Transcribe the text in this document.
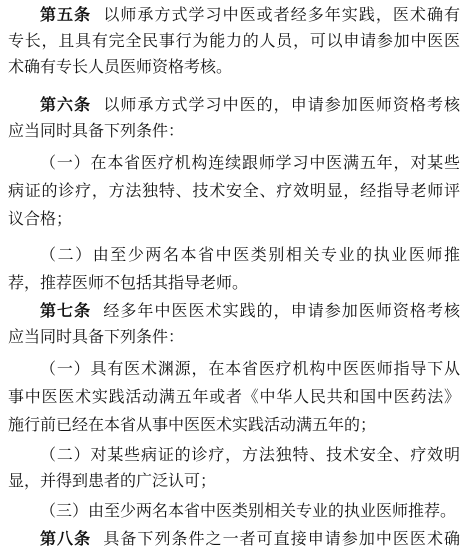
第五条 以师承方式学习中医或者经多年实践，医术确有
专长，且具有完全民事行为能力的人员，可以申请参加中医医
术确有专长人员医师资格考核。
第六条 以师承方式学习中医的，申请参加医师资格考核
应当同时具备下列条件：
（一）在本省医疗机构连续跟师学习中医满五年，对某些
病证的诊疗，方法独特、技术安全、疗效明显，经指导老师评
议合格；
（二）由至少两名本省中医类别相关专业的执业医师推
荐，推荐医师不包括其指导老师。
第七条 经多年中医医术实践的，申请参加医师资格考核
应当同时具备下列条件：
（一）具有医术渊源，在本省医疗机构中医医师指导下从
事中医医术实践活动满五年或者《中华人民共和国中医药法》
施行前已经在本省从事中医医术实践活动满五年的；
（二）对某些病证的诊疗，方法独特、技术安全、疗效明
显，并得到患者的广泛认可；
（三）由至少两名本省中医类别相关专业的执业医师推荐。
第八条 具备下列条件之一者可直接申请参加中医医术确
